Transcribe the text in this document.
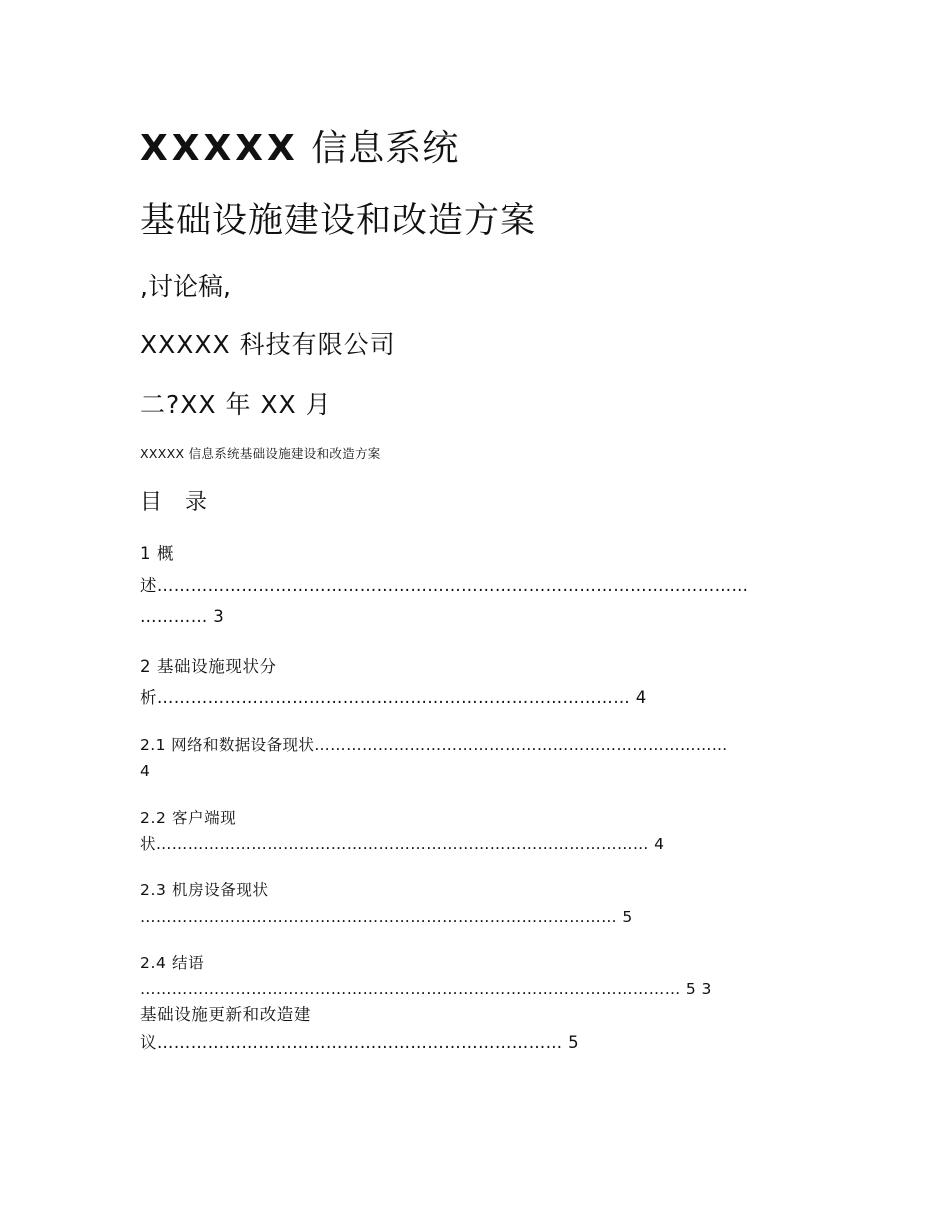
XXXXX 信息系统
基础设施建设和改造方案
,讨论稿,
XXXXX 科技有限公司
二?XX 年 XX 月
XXXXX 信息系统基础设施建设和改造方案
目 录
1 概
述……………………………………………………………………………………………
………… 3
2 基础设施现状分
析………………………………………………………………………… 4
2.1 网络和数据设备现状……………………………………………………………………
4
2.2 客户端现
状………………………………………………………………………………… 4
2.3 机房设备现状
……………………………………………………………………………… 5
2.4 结语
………………………………………………………………………………………… 5 3
基础设施更新和改造建
议……………………………………………………………… 5
